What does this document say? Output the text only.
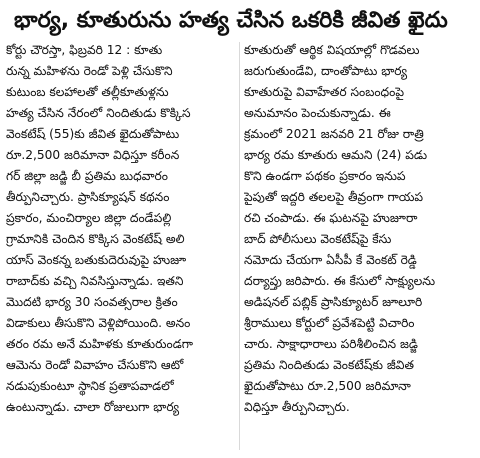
భార్య, కూతురును హత్య చేసిన ఒకరికి జీవిత ఖైదు
కోర్టు చౌరస్తా, ఫిబ్రవరి 12 : కూతు
రున్న మహిళను రెండో పెళ్లి చేసుకొని
కుటుంబ కలహాలతో తల్లీకూతుళ్లను
హత్య చేసిన నేరంలో నిందితుడు కొక్కిస
వెంకటేష్ (55)కు జీవిత ఖైదుతోపాటు
రూ.2,500 జరిమానా విధిస్తూ కరీంన
గర్ జిల్లా జడ్జి బీ ప్రతిమ బుధవారం
తీర్పునిచ్చారు. ప్రాసిక్యూషన్ కథనం
ప్రకారం, మంచిర్యాల జిల్లా దండేపల్లి
గ్రామానికి చెందిన కొక్కిస వెంకటేష్ అలి
యాస్ వెంకన్న బతుకుదెరువుపై హుజూ
రాబాద్‌కు వచ్చి నివసిస్తున్నాడు. ఇతని
మొదటి భార్య 30 సంవత్సరాల క్రితం
విడాకులు తీసుకొని వెళ్లిపోయింది. అనం
తరం రమ అనే మహిళకు కూతురుండగా
ఆమెను రెండో వివాహం చేసుకొని ఆటో
నడుపుకుంటూ స్థానిక ప్రతాపవాడలో
ఉంటున్నాడు. చాలా రోజులుగా భార్య
కూతురుతో ఆర్థిక విషయాల్లో గొడవలు
జరుగుతుండేవి, దాంతోపాటు భార్య
కూతురుపై వివాహేతర సంబంధంపై
అనుమానం పెంచుకున్నాడు. ఈ
క్రమంలో 2021 జనవరి 21 రోజు రాత్రి
భార్య రమ కూతురు ఆమని (24) పడు
కొని ఉండగా పథకం ప్రకారం ఇనుప
పైపుతో ఇద్దరి తలలపై తీవ్రంగా గాయప
రచి చంపాడు. ఈ ఘటనపై హుజూరా
బాద్ పోలీసులు వెంకటేష్‌పై కేసు
నమోదు చేయగా ఏసీపీ కే వెంకట్ రెడ్డి
దర్యాప్తు జరిపారు. ఈ కేసులో సాక్ష్యులను
అడిషనల్ పబ్లిక్ ప్రాసిక్యూటర్ జూలూరి
శ్రీరాములు కోర్టులో ప్రవేశపెట్టి విచారిం
చారు. సాక్షాధారాలు పరిశీలించిన జడ్జి
ప్రతిమ నిందితుడు వెంకటేష్‌కు జీవిత
ఖైదుతోపాటు రూ.2,500 జరిమానా
విధిస్తూ తీర్పునిచ్చారు.
